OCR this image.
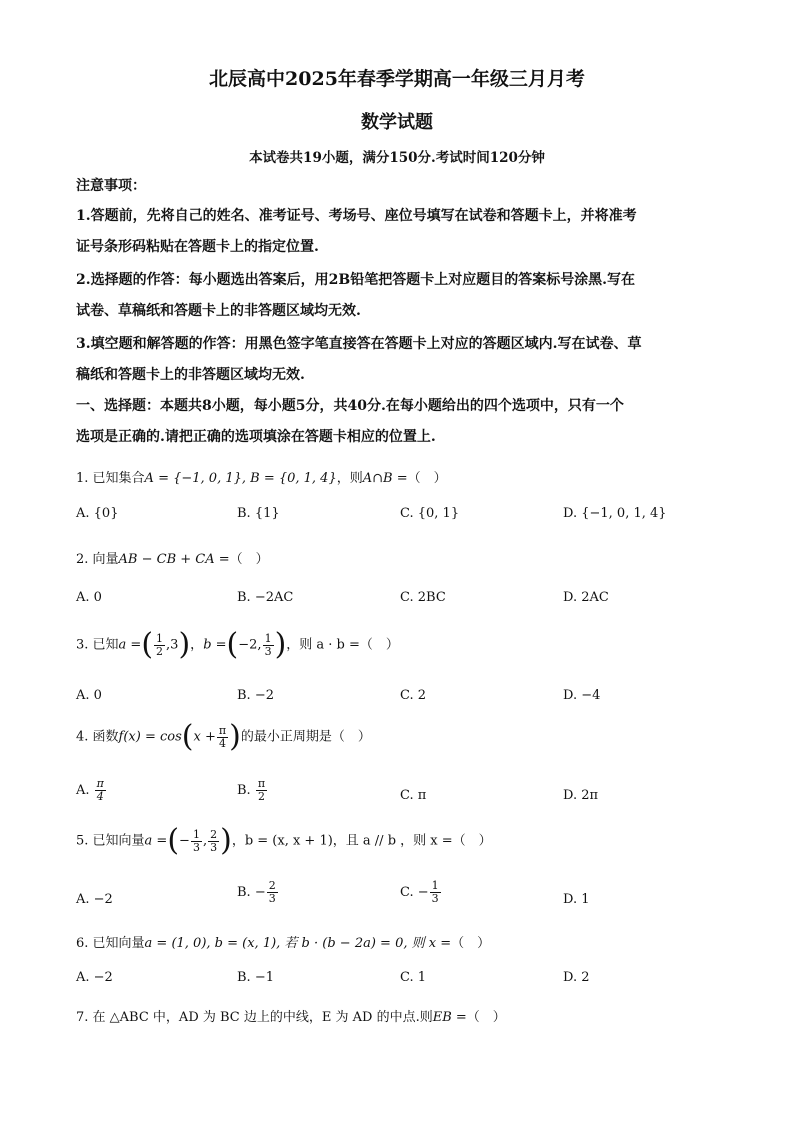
北辰高中2025年春季学期高一年级三月月考
数学试题
本试卷共19小题，满分150分.考试时间120分钟
注意事项：
1.答题前，先将自己的姓名、准考证号、考场号、座位号填写在试卷和答题卡上，并将准考
证号条形码粘贴在答题卡上的指定位置.
2.选择题的作答：每小题选出答案后，用2B铅笔把答题卡上对应题目的答案标号涂黑.写在
试卷、草稿纸和答题卡上的非答题区域均无效.
3.填空题和解答题的作答：用黑色签字笔直接答在答题卡上对应的答题区域内.写在试卷、草
稿纸和答题卡上的非答题区域均无效.
一、选择题：本题共8小题，每小题5分，共40分.在每小题给出的四个选项中，只有一个
选项是正确的.请把正确的选项填涂在答题卡相应的位置上.
1. 已知集合A = {−1, 0, 1}, B = {0, 1, 4}，则A∩B =（　）
A. {0}	B. {1}	C. {0, 1}	D. {−1, 0, 1, 4}
2. 向量AB − CB + CA =（　）
A. 0	B. −2AC	C. 2BC	D. 2AC
3. 已知a =( $\frac{1}{2} ,3$)，b =(−2, $\frac{1}{3}$ )，则 a · b =（　）
A. 0	B. −2	C. 2	D. −4
4. 函数$f(x) = \cos(x + \frac{\pi}{4}$ )的最小正周期是（　）
A. $\frac{\pi}{4}$	B. $\frac{\pi}{2}$	C. π	D. 2π
5. 已知向量a =(− $\frac{1}{3}$ , $\frac{2}{3}$ )，b = (x, x + 1)，且 a // b ，则 x =（　）
A. −2	B. − $\frac{2}{3}$	C. − $\frac{1}{3}$	D. 1
6. 已知向量a = (1, 0), b = (x, 1), 若 b · (b − 2a) = 0, 则 x =（　）
A. −2	B. −1	C. 1	D. 2
7. 在 △ABC 中，AD 为 BC 边上的中线，E 为 AD 的中点.则EB =（　）
